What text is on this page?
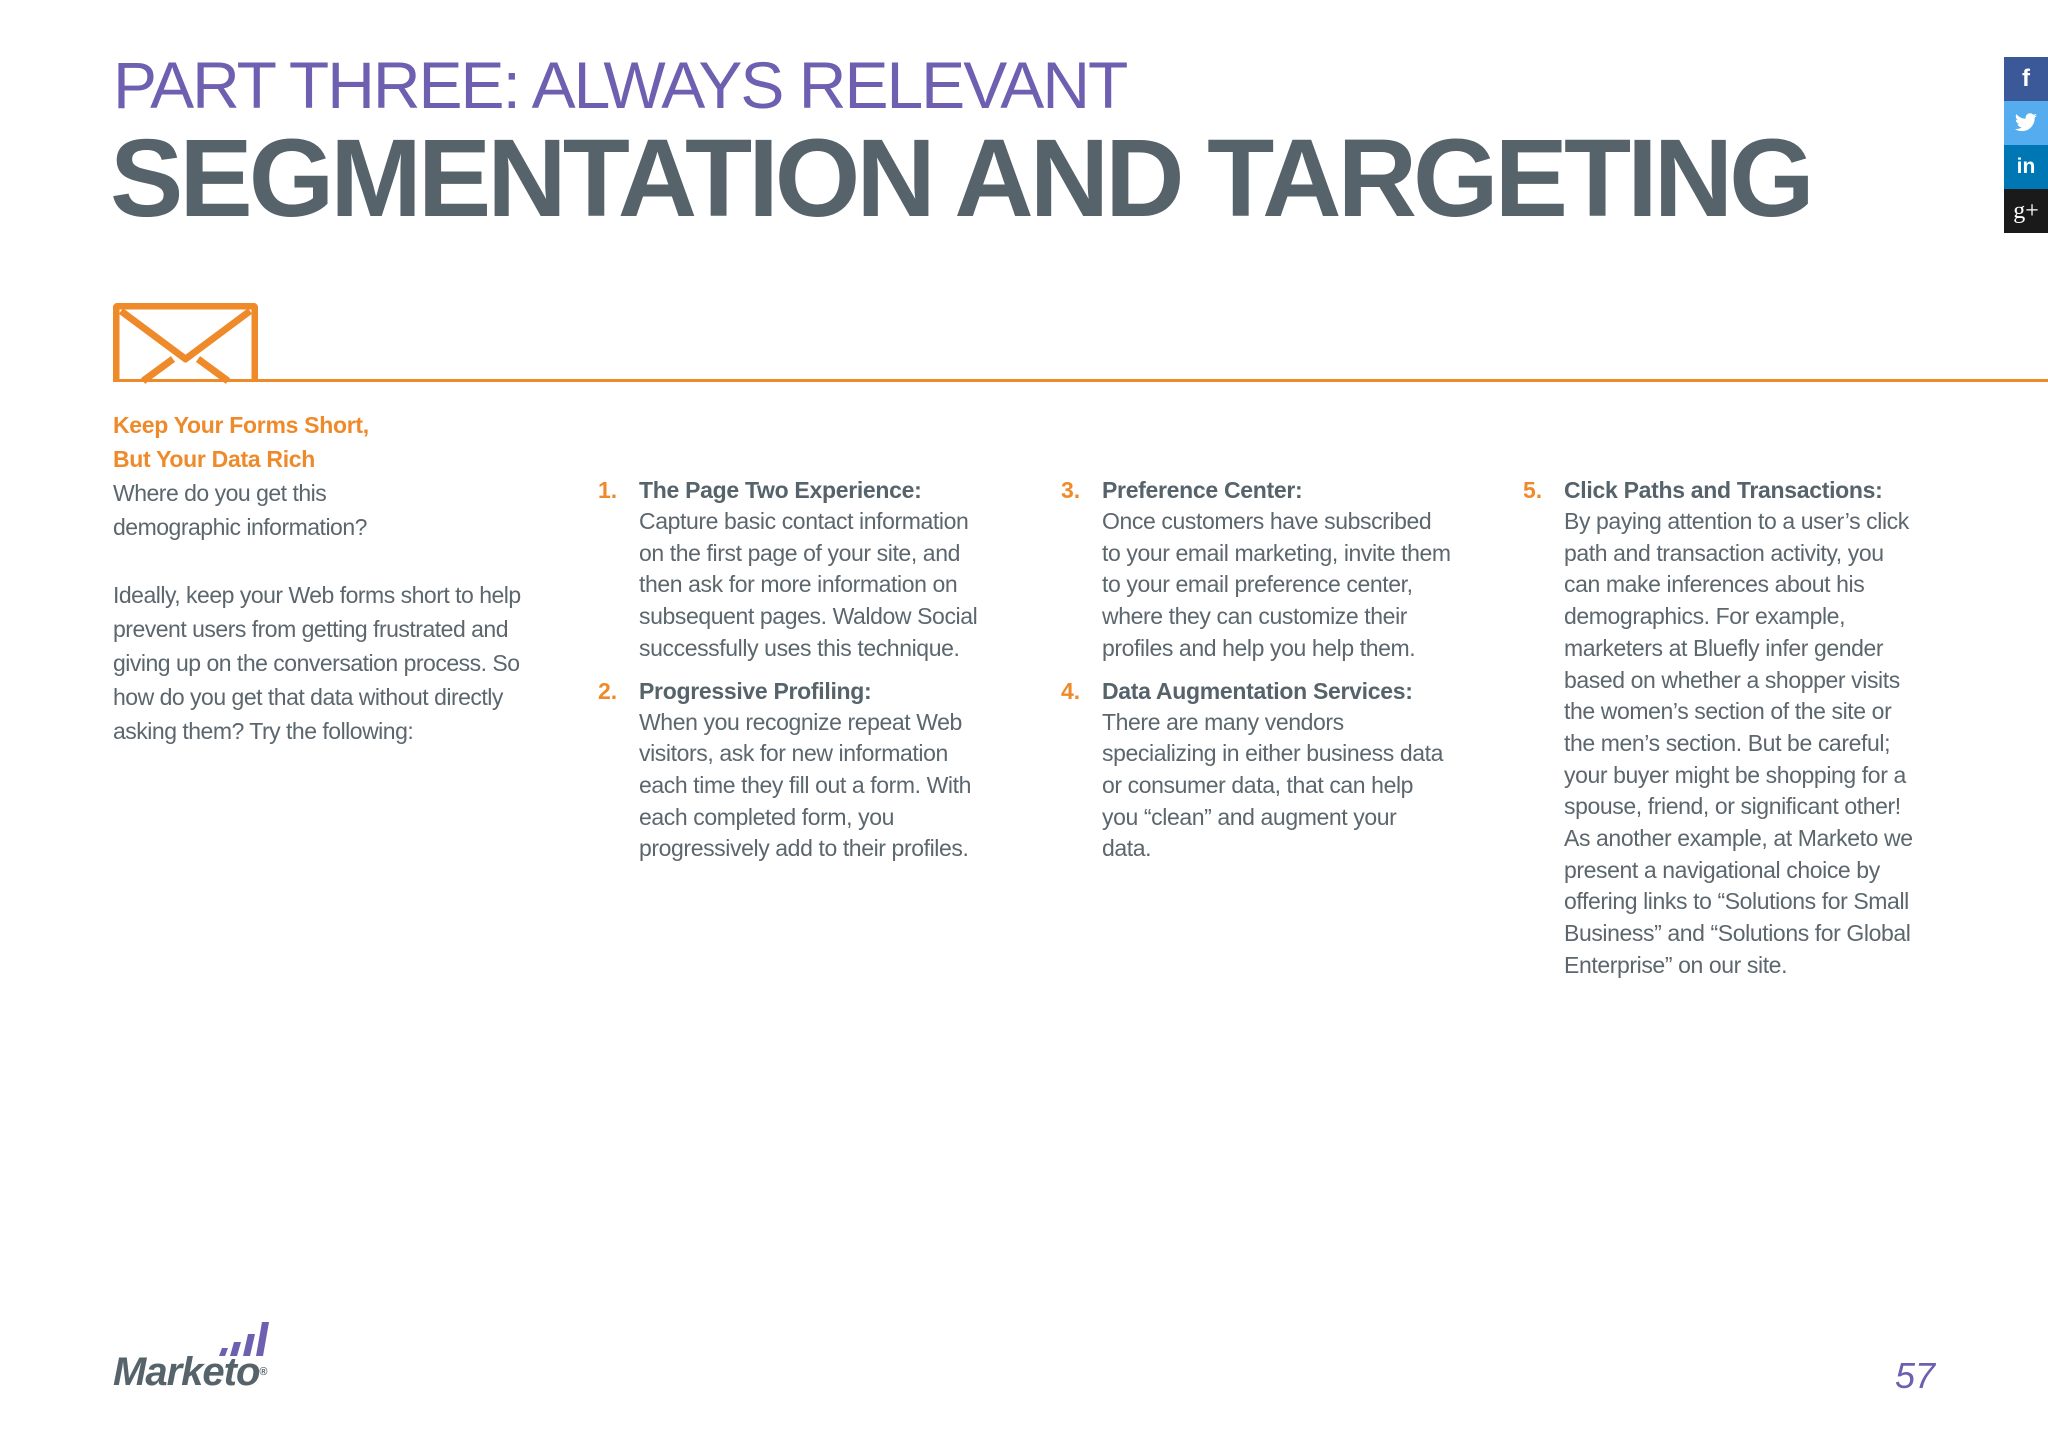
PART THREE: ALWAYS RELEVANT
SEGMENTATION AND TARGETING
f
in
g+
Keep Your Forms Short,
But Your Data Rich

Where do you get this demographic information?

Ideally, keep your Web forms short to help prevent users from getting frustrated and giving up on the conversation process. So how do you get that data without directly asking them? Try the following:

1. The Page Two Experience:
Capture basic contact information on the first page of your site, and then ask for more information on subsequent pages. Waldow Social successfully uses this technique.
2. Progressive Profiling:
When you recognize repeat Web visitors, ask for new information each time they fill out a form. With each completed form, you progressively add to their profiles.
3. Preference Center:
Once customers have subscribed to your email marketing, invite them to your email preference center, where they can customize their profiles and help you help them.
4. Data Augmentation Services:
There are many vendors specializing in either business data or consumer data, that can help you “clean” and augment your data.
5. Click Paths and Transactions:
By paying attention to a user’s click path and transaction activity, you can make inferences about his demographics. For example, marketers at Bluefly infer gender based on whether a shopper visits the women’s section of the site or the men’s section. But be careful; your buyer might be shopping for a spouse, friend, or significant other! As another example, at Marketo we present a navigational choice by offering links to “Solutions for Small Business” and “Solutions for Global Enterprise” on our site.
Marketo®	57
